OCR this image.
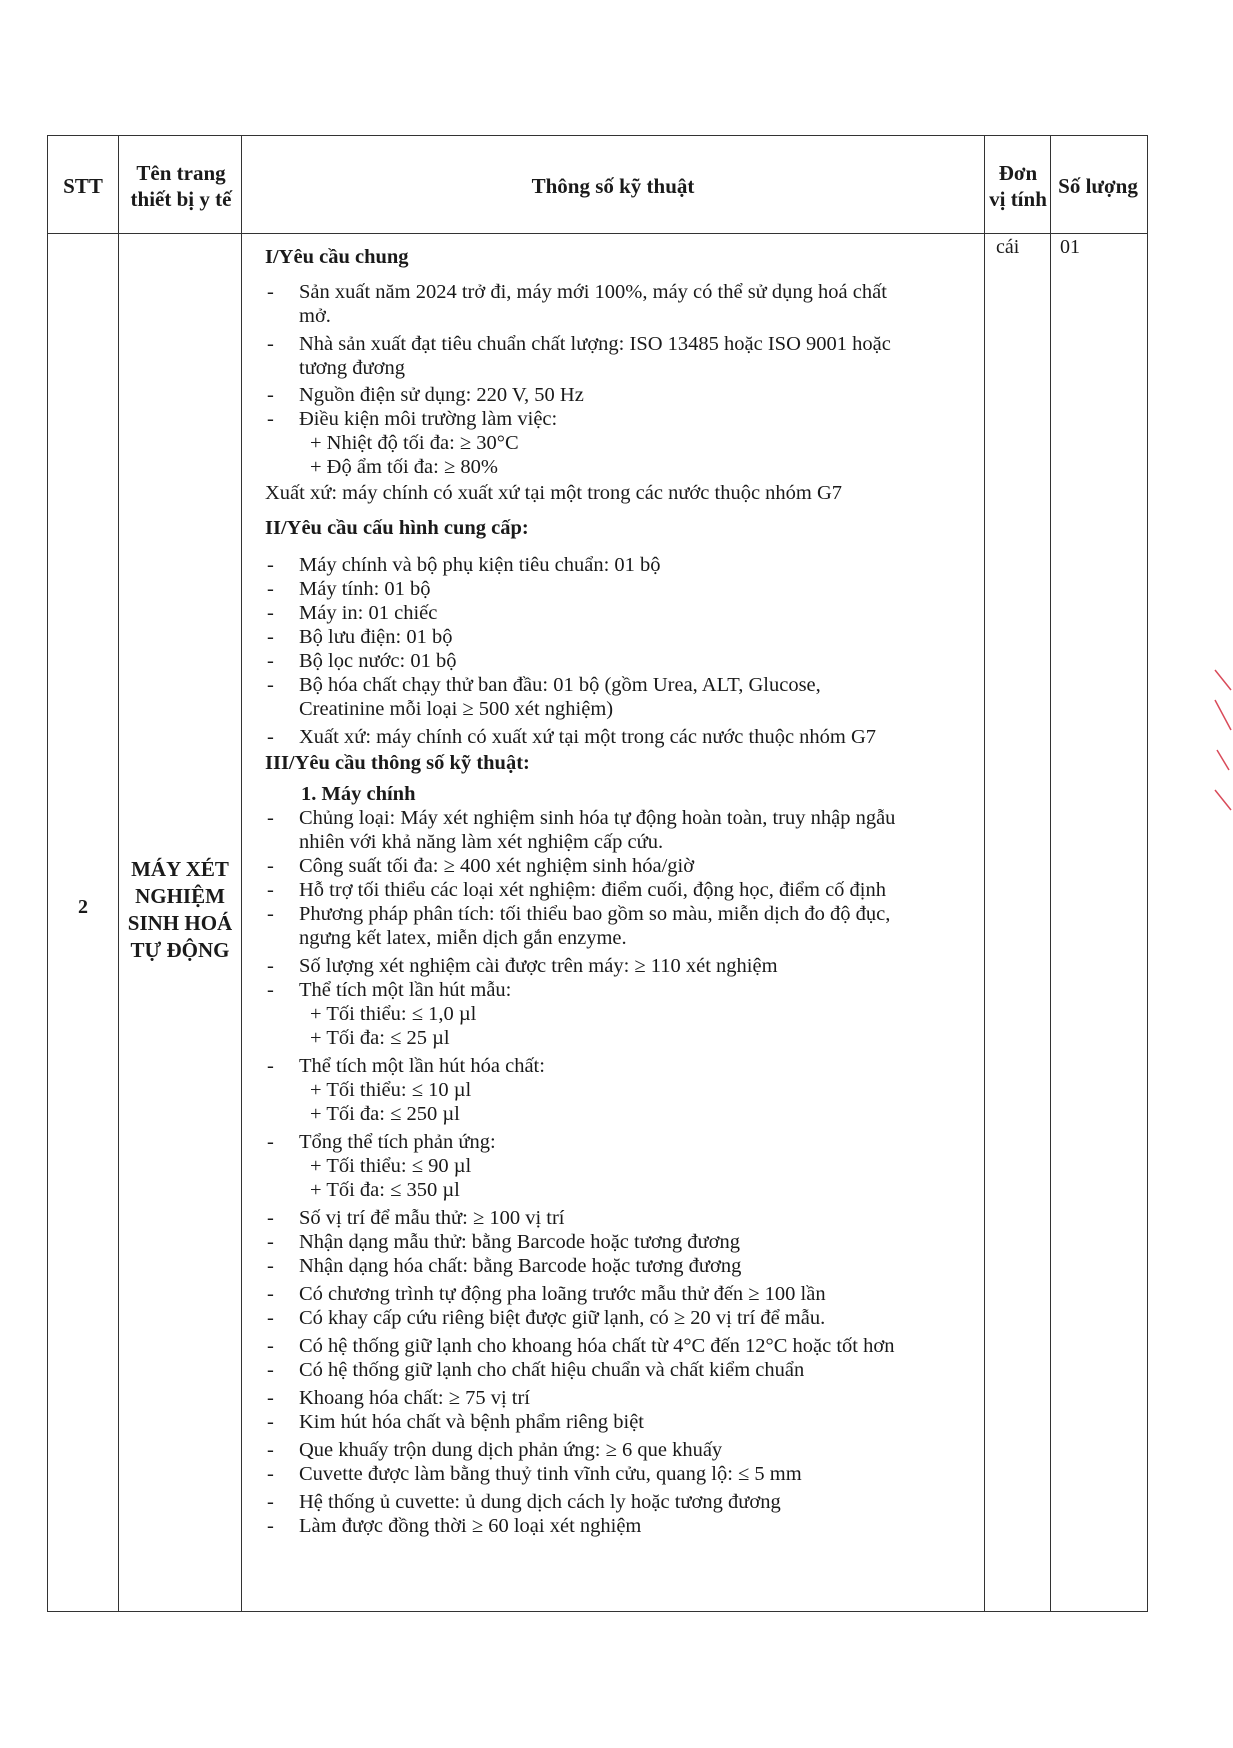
STT
Tên trang thiết bị y tế
Thông số kỹ thuật
Đơn vị tính
Số lượng
2
MÁY XÉT NGHIỆM SINH HOÁ TỰ ĐỘNG
cái 01
I/Yêu cầu chung
- Sản xuất năm 2024 trở đi, máy mới 100%, máy có thể sử dụng hoá chất
mở.
- Nhà sản xuất đạt tiêu chuẩn chất lượng: ISO 13485 hoặc ISO 9001 hoặc
tương đương
- Nguồn điện sử dụng: 220 V, 50 Hz
- Điều kiện môi trường làm việc:
+ Nhiệt độ tối đa: ≥ 30°C
+ Độ ẩm tối đa: ≥ 80%
Xuất xứ: máy chính có xuất xứ tại một trong các nước thuộc nhóm G7
II/Yêu cầu cấu hình cung cấp:
- Máy chính và bộ phụ kiện tiêu chuẩn: 01 bộ
- Máy tính: 01 bộ
- Máy in: 01 chiếc
- Bộ lưu điện: 01 bộ
- Bộ lọc nước: 01 bộ
- Bộ hóa chất chạy thử ban đầu: 01 bộ (gồm Urea, ALT, Glucose,
Creatinine mỗi loại ≥ 500 xét nghiệm)
- Xuất xứ: máy chính có xuất xứ tại một trong các nước thuộc nhóm G7
III/Yêu cầu thông số kỹ thuật:
1. Máy chính
- Chủng loại: Máy xét nghiệm sinh hóa tự động hoàn toàn, truy nhập ngẫu
nhiên với khả năng làm xét nghiệm cấp cứu.
- Công suất tối đa: ≥ 400 xét nghiệm sinh hóa/giờ
- Hỗ trợ tối thiểu các loại xét nghiệm: điểm cuối, động học, điểm cố định
- Phương pháp phân tích: tối thiểu bao gồm so màu, miễn dịch đo độ đục,
ngưng kết latex, miễn dịch gắn enzyme.
- Số lượng xét nghiệm cài được trên máy: ≥ 110 xét nghiệm
- Thể tích một lần hút mẫu:
+ Tối thiểu: ≤ 1,0 µl
+ Tối đa: ≤ 25 µl
- Thể tích một lần hút hóa chất:
+ Tối thiểu: ≤ 10 µl
+ Tối đa: ≤ 250 µl
- Tổng thể tích phản ứng:
+ Tối thiểu: ≤ 90 µl
+ Tối đa: ≤ 350 µl
- Số vị trí để mẫu thử: ≥ 100 vị trí
- Nhận dạng mẫu thử: bằng Barcode hoặc tương đương
- Nhận dạng hóa chất: bằng Barcode hoặc tương đương
- Có chương trình tự động pha loãng trước mẫu thử đến ≥ 100 lần
- Có khay cấp cứu riêng biệt được giữ lạnh, có ≥ 20 vị trí để mẫu.
- Có hệ thống giữ lạnh cho khoang hóa chất từ 4°C đến 12°C hoặc tốt hơn
- Có hệ thống giữ lạnh cho chất hiệu chuẩn và chất kiểm chuẩn
- Khoang hóa chất: ≥ 75 vị trí
- Kim hút hóa chất và bệnh phẩm riêng biệt
- Que khuấy trộn dung dịch phản ứng: ≥ 6 que khuấy
- Cuvette được làm bằng thuỷ tinh vĩnh cửu, quang lộ: ≤ 5 mm
- Hệ thống ủ cuvette: ủ dung dịch cách ly hoặc tương đương
- Làm được đồng thời ≥ 60 loại xét nghiệm
